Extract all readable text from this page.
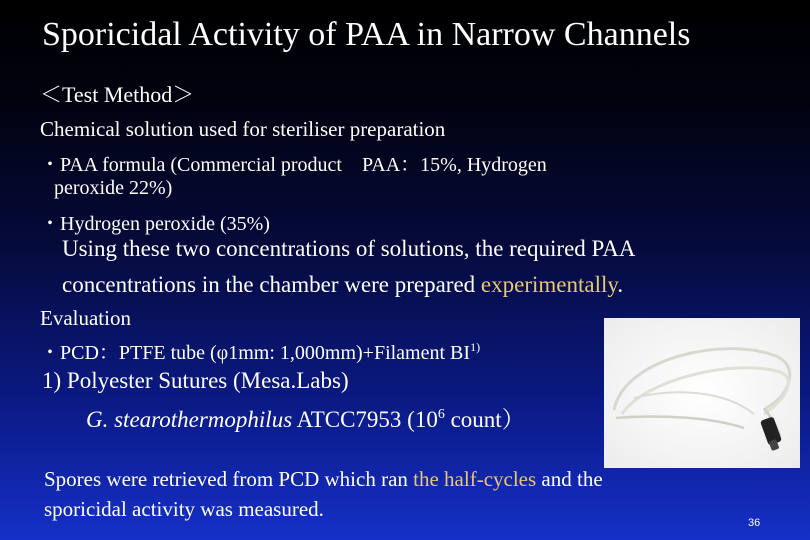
Sporicidal Activity of PAA in Narrow Channels
＜Test Method＞
Chemical solution used for steriliser preparation
・PAA formula (Commercial product　PAA：15%, Hydrogen
peroxide 22%)
・Hydrogen peroxide (35%)
Using these two concentrations of solutions, the required PAA
concentrations in the chamber were prepared experimentally.
Evaluation
・PCD：PTFE tube (φ1mm: 1,000mm)+Filament BI$^{1)}$
1) Polyester Sutures (Mesa.Labs)
G. stearothermophilus ATCC7953 ($10^6$ count）
Spores were retrieved from PCD which ran the half-cycles and the
sporicidal activity was measured.
36
